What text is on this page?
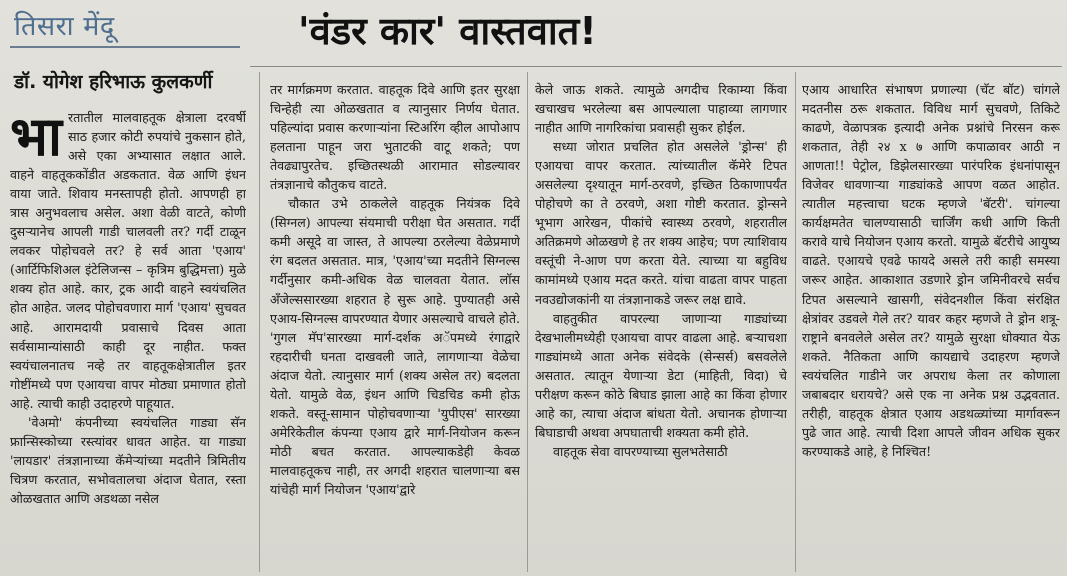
तिसरा मेंदू	'वंडर कार' वास्तवात!
डॉ. योगेश हरिभाऊ कुलकर्णी

भारतातील मालवाहतूक क्षेत्राला दरवर्षी साठ हजार कोटी रुपयांचे नुकसान होते, असे एका अभ्यासात लक्षात आले. वाहने वाहतूककोंडीत अडकतात. वेळ आणि इंधन वाया जाते. शिवाय मनस्तापही होतो. आपणही हा त्रास अनुभवलाच असेल. अशा वेळी वाटते, कोणी दुसऱ्यानेच आपली गाडी चालवली तर? गर्दी टाळून लवकर पोहोचवले तर? हे सर्व आता 'एआय' (आर्टिफिशिअल इंटेलिजन्स – कृत्रिम बुद्धिमत्ता) मुळे शक्य होत आहे. कार, ट्रक आदी वाहने स्वयंचलित होत आहेत. जलद पोहोचवणारा मार्ग 'एआय' सुचवत आहे. आरामदायी प्रवासाचे दिवस आता सर्वसामान्यांसाठी काही दूर नाहीत. फक्त स्वयंचालनातच नव्हे तर वाहतूकक्षेत्रातील इतर गोष्टींमध्ये पण एआयचा वापर मोठ्या प्रमाणात होतो आहे. त्याची काही उदाहरणे पाहूयात.

'वेअमो' कंपनीच्या स्वयंचलित गाड्या सॅन फ्रान्सिस्कोच्या रस्त्यांवर धावत आहेत. या गाड्या 'लायडार' तंत्रज्ञानाच्या कॅमेऱ्यांच्या मदतीने त्रिमितीय चित्रण करतात, सभोवतालचा अंदाज घेतात, रस्ता ओळखतात आणि अडथळा नसेल

तर मार्गक्रमण करतात. वाहतूक दिवे आणि इतर सुरक्षा चिन्हेही त्या ओळखतात व त्यानुसार निर्णय घेतात. पहिल्यांदा प्रवास करणाऱ्यांना स्टिअरिंग व्हील आपोआप हलताना पाहून जरा भुताटकी वाटू शकते; पण तेवढ्यापुरतेच. इच्छितस्थळी आरामात सोडल्यावर तंत्रज्ञानाचे कौतुकच वाटते.

चौकात उभे ठाकलेले वाहतूक नियंत्रक दिवे (सिग्नल) आपल्या संयमाची परीक्षा घेत असतात. गर्दी कमी असूदे वा जास्त, ते आपल्या ठरलेल्या वेळेप्रमाणे रंग बदलत असतात. मात्र, 'एआय'च्या मदतीने सिग्नल्स गर्दीनुसार कमी-अधिक वेळ चालवता येतात. लॉस अँजेल्ससारख्या शहरात हे सुरू आहे. पुण्यातही असे एआय-सिग्नल्स वापरण्यात येणार असल्याचे वाचले होते. 'गुगल मॅप'सारख्या मार्ग-दर्शक अॅपमध्ये रंगाद्वारे रहदारीची घनता दाखवली जाते, लागणाऱ्या वेळेचा अंदाज येतो. त्यानुसार मार्ग (शक्य असेल तर) बदलता येतो. यामुळे वेळ, इंधन आणि चिडचिड कमी होऊ शकते. वस्तू-सामान पोहोचवणाऱ्या 'युपीएस' सारख्या अमेरिकेतील कंपन्या एआय द्वारे मार्ग-नियोजन करून मोठी बचत करतात. आपल्याकडेही केवळ मालवाहतूकच नाही, तर अगदी शहरात चालणाऱ्या बस यांचेही मार्ग नियोजन 'एआय'द्वारे

केले जाऊ शकते. त्यामुळे अगदीच रिकाम्या किंवा खचाखच भरलेल्या बस आपल्याला पाहाव्या लागणार नाहीत आणि नागरिकांचा प्रवासही सुकर होईल.

सध्या जोरात प्रचलित होत असलेले 'ड्रोन्स' ही एआयचा वापर करतात. त्यांच्यातील कॅमेरे टिपत असलेल्या दृश्यातून मार्ग-ठरवणे, इच्छित ठिकाणापर्यंत पोहोचणे का ते ठरवणे, अशा गोष्टी करतात. ड्रोन्सने भूभाग आरेखन, पीकांचे स्वास्थ्य ठरवणे, शहरातील अतिक्रमणे ओळखणे हे तर शक्य आहेच; पण त्याशिवाय वस्तूंची ने-आण पण करता येते. त्याच्या या बहुविध कामांमध्ये एआय मदत करते. यांचा वाढता वापर पाहता नवउद्योजकांनी या तंत्रज्ञानाकडे जरूर लक्ष द्यावे.

वाहतुकीत वापरल्या जाणाऱ्या गाड्यांच्या देखभालीमध्येही एआयचा वापर वाढला आहे. बऱ्याचशा गाड्यांमध्ये आता अनेक संवेदके (सेन्सर्स) बसवलेले असतात. त्यातून येणाऱ्या डेटा (माहिती, विदा) चे परीक्षण करून कोठे बिघाड झाला आहे का किंवा होणार आहे का, त्याचा अंदाज बांधता येतो. अचानक होणाऱ्या बिघाडाची अथवा अपघाताची शक्यता कमी होते.

वाहतूक सेवा वापरण्याच्या सुलभतेसाठी

एआय आधारित संभाषण प्रणाल्या (चॅट बॉट) चांगले मदतनीस ठरू शकतात. विविध मार्ग सुचवणे, तिकिटे काढणे, वेळापत्रक इत्यादी अनेक प्रश्नांचे निरसन करू शकतात, तेही २४ x ७ आणि कपाळावर आठी न आणता!! पेट्रोल, डिझेलसारख्या पारंपरिक इंधनांपासून विजेवर धावणाऱ्या गाड्यांकडे आपण वळत आहोत. त्यातील महत्त्वाचा घटक म्हणजे 'बॅटरी'. चांगल्या कार्यक्षमतेत चालण्यासाठी चार्जिंग कधी आणि किती करावे याचे नियोजन एआय करतो. यामुळे बॅटरीचे आयुष्य वाढते. एआयचे एवढे फायदे असले तरी काही समस्या जरूर आहेत. आकाशात उडणारे ड्रोन जमिनीवरचे सर्वच टिपत असल्याने खासगी, संवेदनशील किंवा संरक्षित क्षेत्रांवर उडवले गेले तर? यावर कहर म्हणजे ते ड्रोन शत्रू-राष्ट्राने बनवलेले असेल तर? यामुळे सुरक्षा धोक्यात येऊ शकते. नैतिकता आणि कायद्याचे उदाहरण म्हणजे स्वयंचलित गाडीने जर अपराध केला तर कोणाला जबाबदार धरायचे? असे एक ना अनेक प्रश्न उद्भवतात. तरीही, वाहतूक क्षेत्रात एआय अडथळ्यांच्या मार्गावरून पुढे जात आहे. त्याची दिशा आपले जीवन अधिक सुकर करण्याकडे आहे, हे निश्चित!
